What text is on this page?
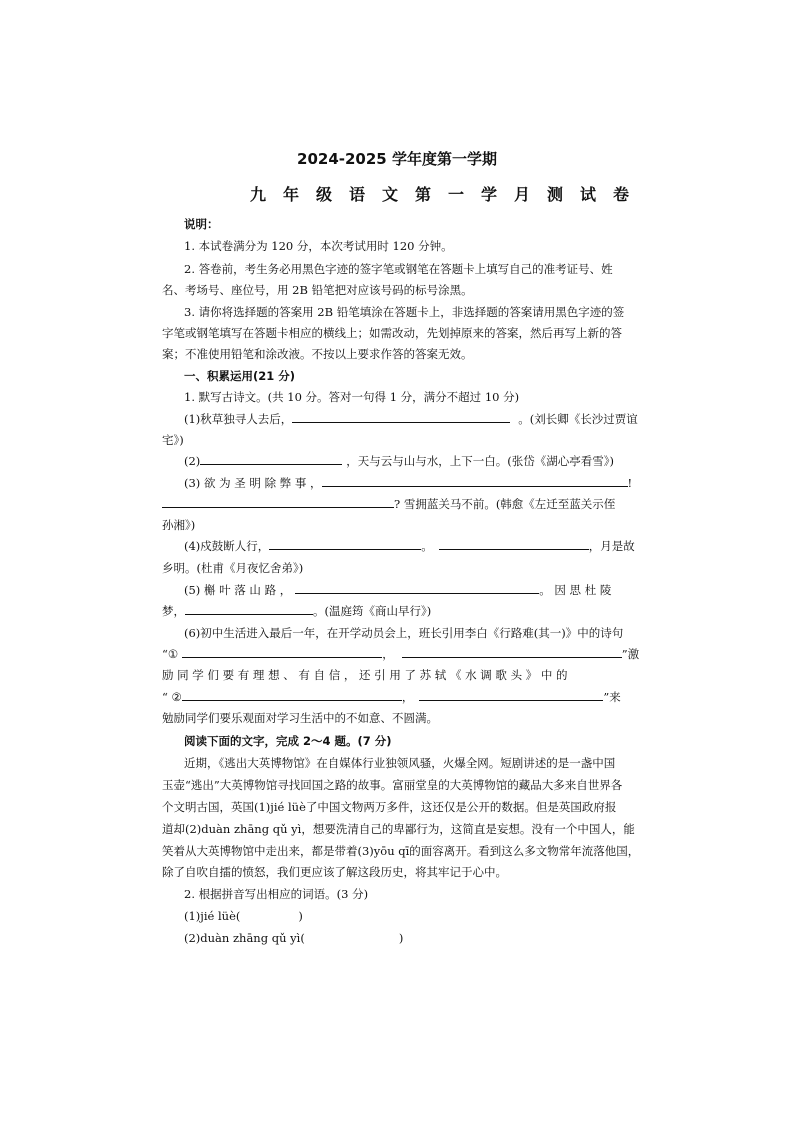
2024-2025 学年度第一学期
九年级语文第一学月测试卷
说明：
1. 本试卷满分为 120 分，本次考试用时 120 分钟。
2. 答卷前，考生务必用黑色字迹的签字笔或钢笔在答题卡上填写自己的准考证号、姓
名、考场号、座位号，用 2B 铅笔把对应该号码的标号涂黑。
3. 请你将选择题的答案用 2B 铅笔填涂在答题卡上，非选择题的答案请用黑色字迹的签
字笔或钢笔填写在答题卡相应的横线上；如需改动，先划掉原来的答案，然后再写上新的答
案；不准使用铅笔和涂改液。不按以上要求作答的答案无效。
一、积累运用(21 分)
1. 默写古诗文。(共 10 分。答对一句得 1 分，满分不超过 10 分)
(1)秋草独寻人去后，	。(刘长卿《长沙过贾谊
宅》)
(2)	，天与云与山与水，上下一白。(张岱《湖心亭看雪》)
(3) 欲 为 圣 明 除 弊 事 ，	!
? 雪拥蓝关马不前。(韩愈《左迁至蓝关示侄
孙湘》)
(4)戍鼓断人行，	。	，月是故
乡明。(杜甫《月夜忆舍弟》)
(5) 槲 叶 落 山 路 ，	。 因 思 杜 陵
梦，	。(温庭筠《商山早行》)
(6)初中生活进入最后一年，在开学动员会上，班长引用李白《行路难(其一)》中的诗句
“①	，	”激
励 同 学 们 要 有 理 想 、 有 自 信 ， 还 引 用 了 苏 轼 《 水 调 歌 头 》 中 的
“ ②	，	”来
勉励同学们要乐观面对学习生活中的不如意、不圆满。
阅读下面的文字，完成 2～4 题。(7 分)
近期，《逃出大英博物馆》在自媒体行业独领风骚，火爆全网。短剧讲述的是一盏中国
玉壶“逃出”大英博物馆寻找回国之路的故事。富丽堂皇的大英博物馆的藏品大多来自世界各
个文明古国，英国(1)jié lüè了中国文物两万多件，这还仅是公开的数据。但是英国政府报
道却(2)duàn zhāng qǔ yì，想要洗清自己的卑鄙行为，这简直是妄想。没有一个中国人，能
笑着从大英博物馆中走出来，都是带着(3)yōu qī的面容离开。看到这么多文物常年流落他国，
除了自吹自擂的愤怒，我们更应该了解这段历史，将其牢记于心中。
2. 根据拼音写出相应的词语。(3 分)
(1)jié lüè(	)
(2)duàn zhāng qǔ yì(	)
